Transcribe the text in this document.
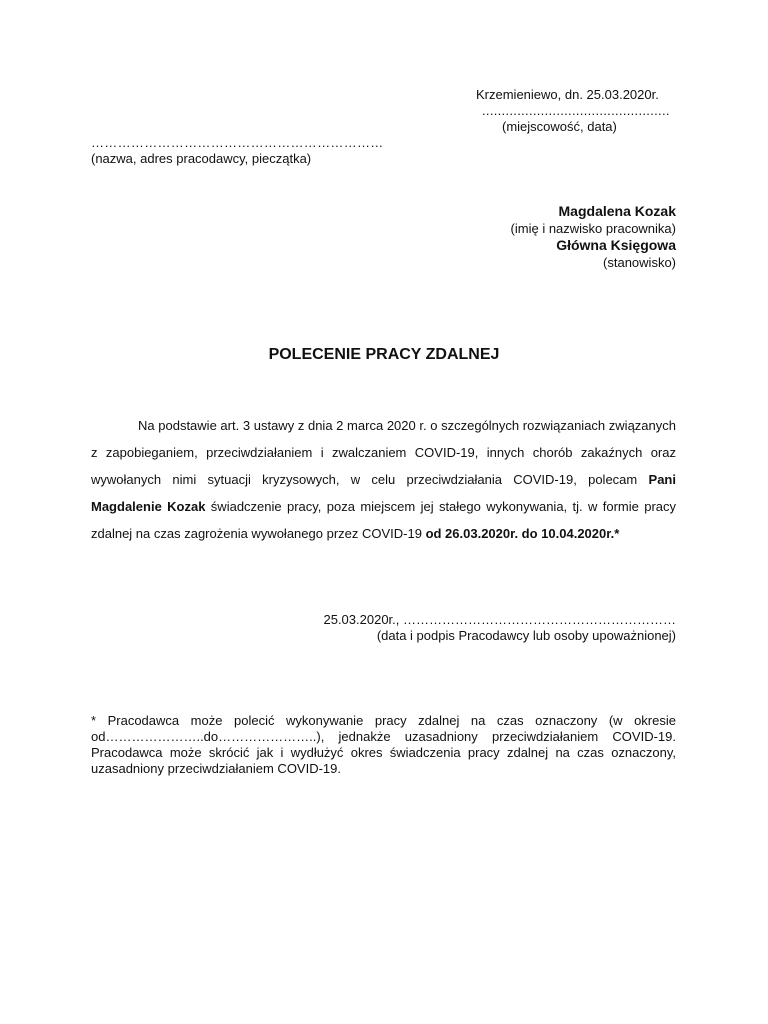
Krzemieniewo, dn. 25.03.2020r.
................................................
(miejscowość, data)
…………………………………………………………
(nazwa, adres pracodawcy, pieczątka)
Magdalena Kozak
(imię i nazwisko pracownika)
Główna Księgowa
(stanowisko)
POLECENIE PRACY ZDALNEJ
Na podstawie art. 3 ustawy z dnia 2 marca 2020 r. o szczególnych rozwiązaniach związanych z zapobieganiem, przeciwdziałaniem i zwalczaniem COVID-19, innych chorób zakaźnych oraz wywołanych nimi sytuacji kryzysowych, w celu przeciwdziałania COVID-19, polecam Pani Magdalenie Kozak świadczenie pracy, poza miejscem jej stałego wykonywania, tj. w formie pracy zdalnej na czas zagrożenia wywołanego przez COVID-19 od 26.03.2020r. do 10.04.2020r.*
25.03.2020r., ………………………………………………………
(data i podpis Pracodawcy lub osoby upoważnionej)
* Pracodawca może polecić wykonywanie pracy zdalnej na czas oznaczony (w okresie od…………………..do…………………..), jednakże uzasadniony przeciwdziałaniem COVID-19. Pracodawca może skrócić jak i wydłużyć okres świadczenia pracy zdalnej na czas oznaczony, uzasadniony przeciwdziałaniem COVID-19.
